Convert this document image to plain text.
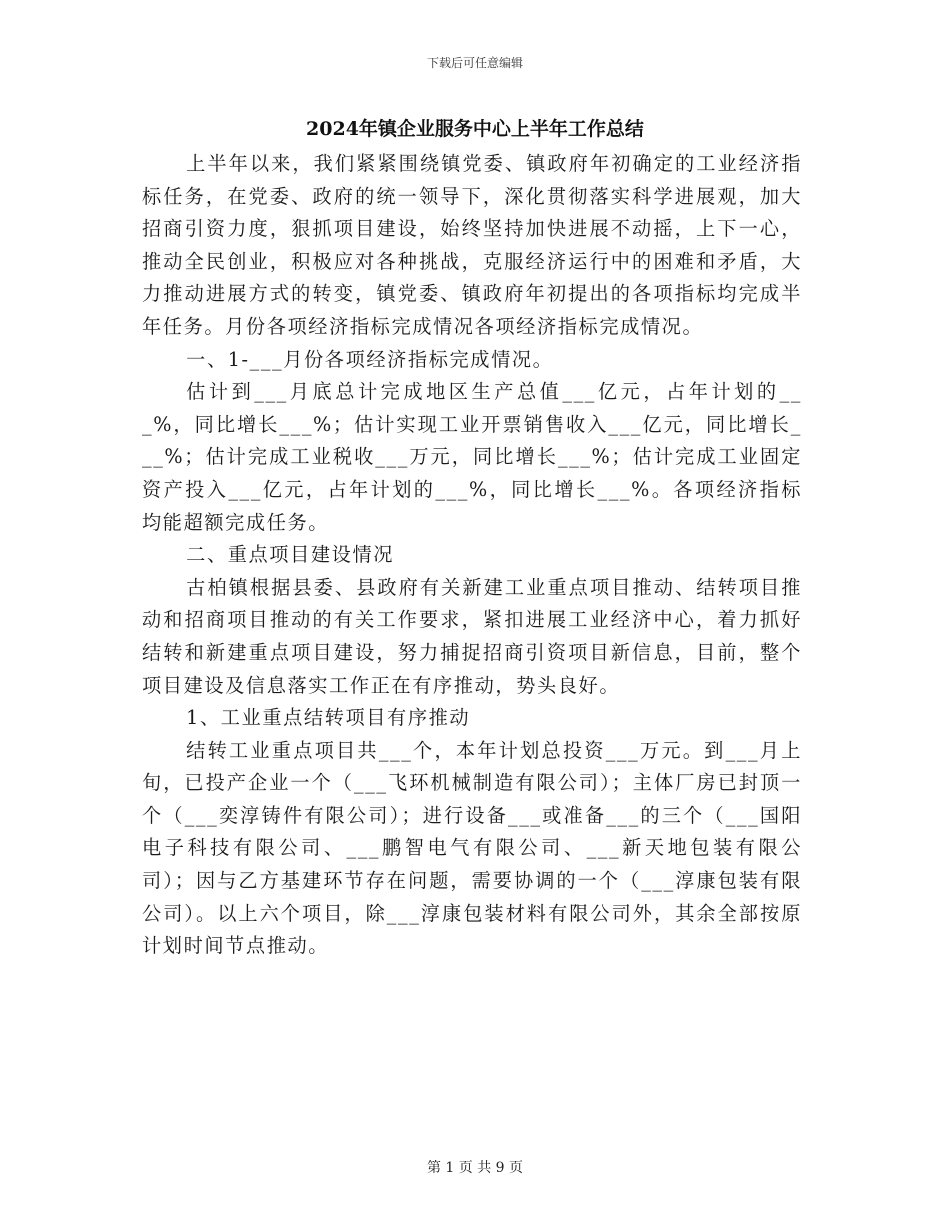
下载后可任意编辑
2024年镇企业服务中心上半年工作总结

上半年以来，我们紧紧围绕镇党委、镇政府年初确定的工业经济指标任务，在党委、政府的统一领导下，深化贯彻落实科学进展观，加大招商引资力度，狠抓项目建设，始终坚持加快进展不动摇，上下一心，推动全民创业，积极应对各种挑战，克服经济运行中的困难和矛盾，大力推动进展方式的转变，镇党委、镇政府年初提出的各项指标均完成半年任务。月份各项经济指标完成情况各项经济指标完成情况。

一、1-___月份各项经济指标完成情况。

估计到___月底总计完成地区生产总值___亿元，占年计划的___%，同比增长___%；估计实现工业开票销售收入___亿元，同比增长___%；估计完成工业税收___万元，同比增长___%；估计完成工业固定资产投入___亿元，占年计划的___%，同比增长___%。各项经济指标均能超额完成任务。

二、重点项目建设情况

古柏镇根据县委、县政府有关新建工业重点项目推动、结转项目推动和招商项目推动的有关工作要求，紧扣进展工业经济中心，着力抓好结转和新建重点项目建设，努力捕捉招商引资项目新信息，目前，整个项目建设及信息落实工作正在有序推动，势头良好。

1、工业重点结转项目有序推动

结转工业重点项目共___个，本年计划总投资___万元。到___月上旬，已投产企业一个（___飞环机械制造有限公司）；主体厂房已封顶一个（___奕淳铸件有限公司）；进行设备___或准备___的三个（___国阳电子科技有限公司、___鹏智电气有限公司、___新天地包装有限公司）；因与乙方基建环节存在问题，需要协调的一个（___淳康包装有限公司）。以上六个项目，除___淳康包装材料有限公司外，其余全部按原计划时间节点推动。

第 1 页 共 9 页
